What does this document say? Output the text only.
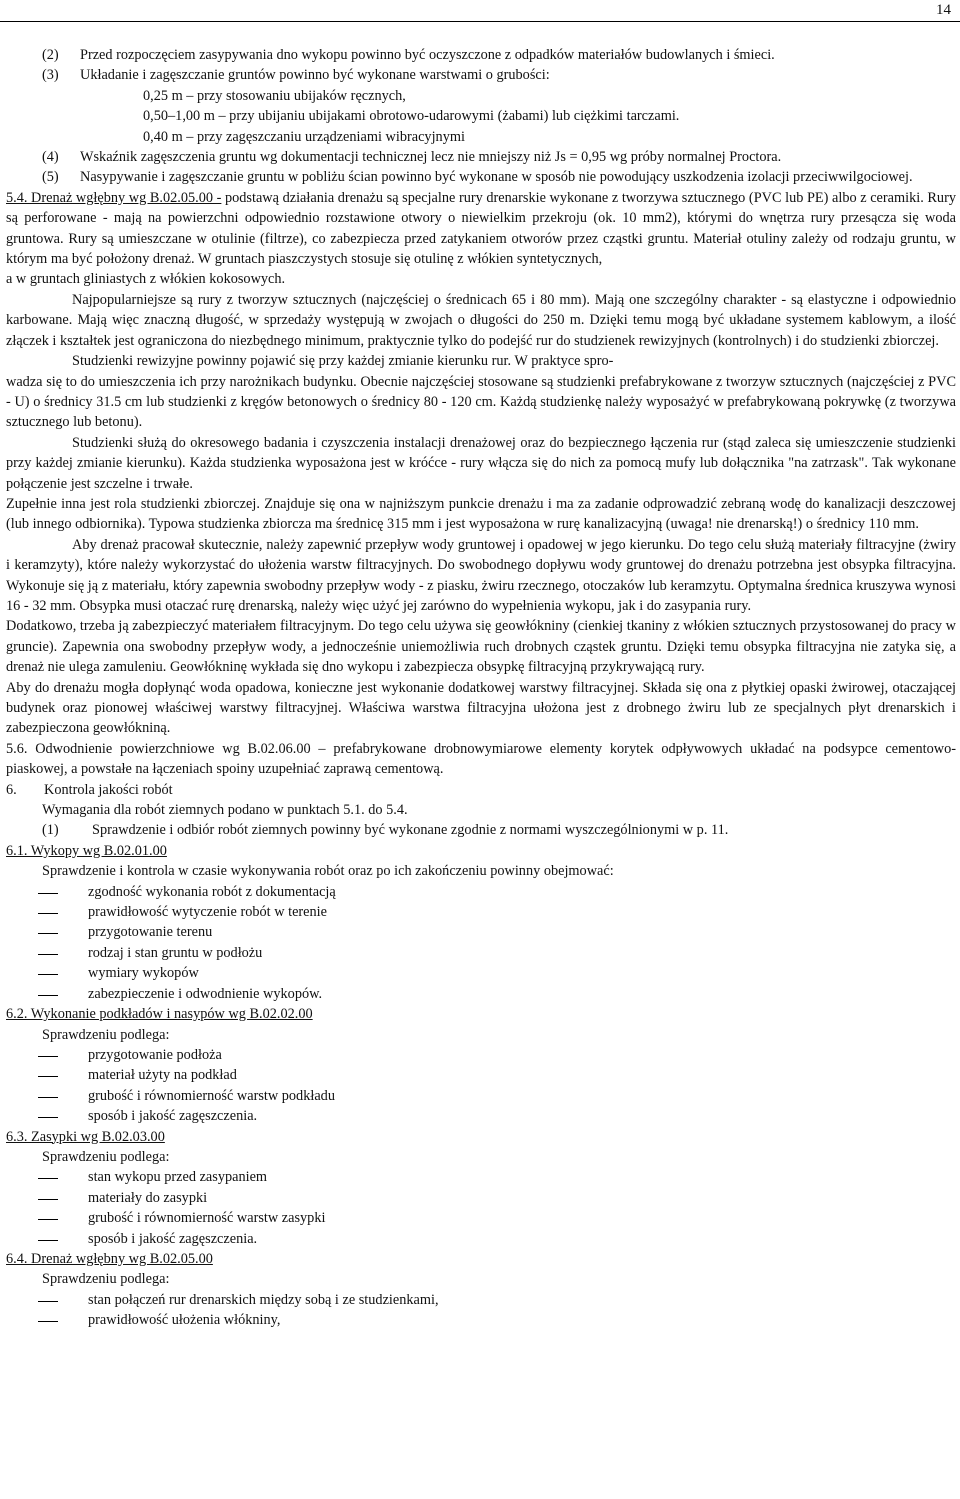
14
(2)	Przed rozpoczęciem zasypywania dno wykopu powinno być oczyszczone z odpadków materiałów budowlanych i śmieci.
(3)	Układanie i zagęszczanie gruntów powinno być wykonane warstwami o grubości:

0,25 m – przy stosowaniu ubijaków ręcznych,

0,50–1,00 m – przy ubijaniu ubijakami obrotowo-udarowymi (żabami) lub ciężkimi tarczami.

0,40 m – przy zagęszczaniu urządzeniami wibracyjnymi

(4)	Wskaźnik zagęszczenia gruntu wg dokumentacji technicznej lecz nie mniejszy niż Js = 0,95 wg próby normalnej Proctora.
(5)	Nasypywanie i zagęszczanie gruntu w pobliżu ścian powinno być wykonane w sposób nie powodujący uszkodzenia izolacji przeciwwilgociowej.

5.4. Drenaż wgłębny wg B.02.05.00 - podstawą działania drenażu są specjalne rury drenarskie wykonane z tworzywa sztucznego (PVC lub PE) albo z ceramiki. Rury są perforowane - mają na powierzchni odpowiednio rozstawione otwory o niewielkim przekroju (ok. 10 mm2), którymi do wnętrza rury przesącza się woda gruntowa. Rury są umieszczane w otulinie (filtrze), co zabezpiecza przed zatykaniem otworów przez cząstki gruntu. Materiał otuliny zależy od rodzaju gruntu, w którym ma być położony drenaż. W gruntach piaszczystych stosuje się otulinę z włókien syntetycznych,

a w gruntach gliniastych z włókien kokosowych.

Najpopularniejsze są rury z tworzyw sztucznych (najczęściej o średnicach 65 i 80 mm). Mają one szczególny charakter - są elastyczne i odpowiednio karbowane. Mają więc znaczną długość, w sprzedaży występują w zwojach o długości do 250 m. Dzięki temu mogą być układane systemem kablowym, a ilość złączek i kształtek jest ograniczona do niezbędnego minimum, praktycznie tylko do podejść rur do studzienek rewizyjnych (kontrolnych) i do studzienki zbiorczej.

Studzienki rewizyjne powinny pojawić się przy każdej zmianie kierunku rur. W praktyce spro-

wadza się to do umieszczenia ich przy narożnikach budynku. Obecnie najczęściej stosowane są studzienki prefabrykowane z tworzyw sztucznych (najczęściej z PVC - U) o średnicy 31.5 cm lub studzienki z kręgów betonowych o średnicy 80 - 120 cm. Każdą studzienkę należy wyposażyć w prefabrykowaną pokrywkę (z tworzywa sztucznego lub betonu).

Studzienki służą do okresowego badania i czyszczenia instalacji drenażowej oraz do bezpiecznego łączenia rur (stąd zaleca się umieszczenie studzienki przy każdej zmianie kierunku). Każda studzienka wyposażona jest w króćce - rury włącza się do nich za pomocą mufy lub dołącznika "na zatrzask". Tak wykonane połączenie jest szczelne i trwałe.

Zupełnie inna jest rola studzienki zbiorczej. Znajduje się ona w najniższym punkcie drenażu i ma za zadanie odprowadzić zebraną wodę do kanalizacji deszczowej (lub innego odbiornika). Typowa studzienka zbiorcza ma średnicę 315 mm i jest wyposażona w rurę kanalizacyjną (uwaga! nie drenarską!) o średnicy 110 mm.

Aby drenaż pracował skutecznie, należy zapewnić przepływ wody gruntowej i opadowej w jego kierunku. Do tego celu służą materiały filtracyjne (żwiry i keramzyty), które należy wykorzystać do ułożenia warstw filtracyjnych. Do swobodnego dopływu wody gruntowej do drenażu potrzebna jest obsypka filtracyjna. Wykonuje się ją z materiału, który zapewnia swobodny przepływ wody - z piasku, żwiru rzecznego, otoczaków lub keramzytu. Optymalna średnica kruszywa wynosi 16 - 32 mm. Obsypka musi otaczać rurę drenarską, należy więc użyć jej zarówno do wypełnienia wykopu, jak i do zasypania rury.

Dodatkowo, trzeba ją zabezpieczyć materiałem filtracyjnym. Do tego celu używa się geowłókniny (cienkiej tkaniny z włókien sztucznych przystosowanej do pracy w gruncie). Zapewnia ona swobodny przepływ wody, a jednocześnie uniemożliwia ruch drobnych cząstek gruntu. Dzięki temu obsypka filtracyjna nie zatyka się, a drenaż nie ulega zamuleniu. Geowłókninę wykłada się dno wykopu i zabezpiecza obsypkę filtracyjną przykrywającą rury.

Aby do drenażu mogła dopłynąć woda opadowa, konieczne jest wykonanie dodatkowej warstwy filtracyjnej. Składa się ona z płytkiej opaski żwirowej, otaczającej budynek oraz pionowej właściwej warstwy filtracyjnej. Właściwa warstwa filtracyjna ułożona jest z drobnego żwiru lub ze specjalnych płyt drenarskich i zabezpieczona geowłókniną.

5.6. Odwodnienie powierzchniowe wg B.02.06.00 – prefabrykowane drobnowymiarowe elementy korytek odpływowych układać na podsypce cementowo-piaskowej, a powstałe na łączeniach spoiny uzupełniać zaprawą cementową.

6.	Kontrola jakości robót

Wymagania dla robót ziemnych podano w punktach 5.1. do 5.4.

(1)	Sprawdzenie i odbiór robót ziemnych powinny być wykonane zgodnie z normami wyszczególnionymi w p. 11.

6.1. Wykopy wg B.02.01.00

Sprawdzenie i kontrola w czasie wykonywania robót oraz po ich zakończeniu powinny obejmować:

zgodność wykonania robót z dokumentacją
prawidłowość wytyczenie robót w terenie
przygotowanie terenu
rodzaj i stan gruntu w podłożu
wymiary wykopów
zabezpieczenie i odwodnienie wykopów.

6.2. Wykonanie podkładów i nasypów wg B.02.02.00

Sprawdzeniu podlega:

przygotowanie podłoża
materiał użyty na podkład
grubość i równomierność warstw podkładu
sposób i jakość zagęszczenia.

6.3. Zasypki wg B.02.03.00

Sprawdzeniu podlega:

stan wykopu przed zasypaniem
materiały do zasypki
grubość i równomierność warstw zasypki
sposób i jakość zagęszczenia.

6.4. Drenaż wgłębny wg B.02.05.00

Sprawdzeniu podlega:

stan połączeń rur drenarskich między sobą i ze studzienkami,
prawidłowość ułożenia włókniny,
